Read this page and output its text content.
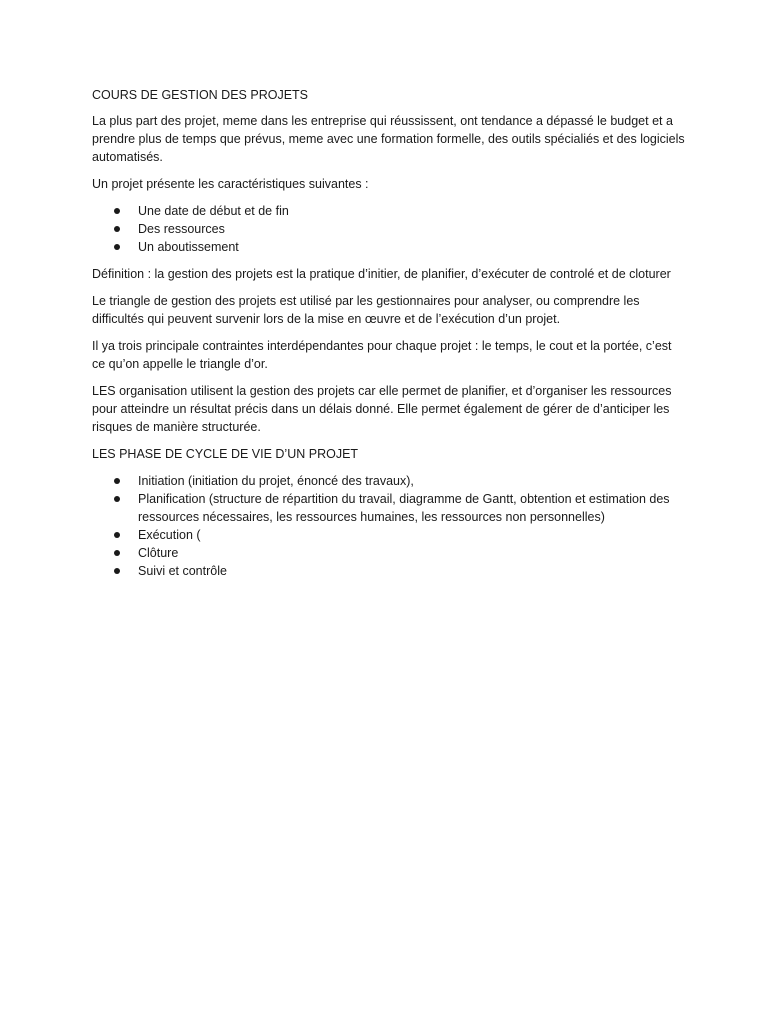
COURS DE GESTION DES PROJETS

La plus part des projet, meme dans les entreprise qui réussissent, ont tendance a dépassé le budget et a prendre plus de temps que prévus, meme avec une formation formelle, des outils spécialiés et des logiciels automatisés.

Un projet présente les caractéristiques suivantes :

Une date de début et de fin
Des ressources
Un aboutissement

Définition : la gestion des projets est la pratique d’initier, de planifier, d’exécuter de controlé et de cloturer

Le triangle de gestion des projets est utilisé par les gestionnaires pour analyser, ou comprendre les difficultés qui peuvent survenir lors de la mise en œuvre et de l’exécution d’un projet.

Il ya trois principale contraintes interdépendantes pour chaque projet : le temps, le cout et la portée, c’est ce qu’on appelle le triangle d’or.

LES organisation utilisent la gestion des projets car elle permet de planifier, et d’organiser les ressources pour atteindre un résultat précis dans un délais donné. Elle permet également de gérer de d’anticiper les risques de manière structurée.

LES PHASE DE CYCLE DE VIE D’UN PROJET

Initiation (initiation du projet, énoncé des travaux),
Planification (structure de répartition du travail, diagramme de Gantt, obtention et estimation des ressources nécessaires, les ressources humaines, les ressources non personnelles)
Exécution (
Clôture
Suivi et contrôle
